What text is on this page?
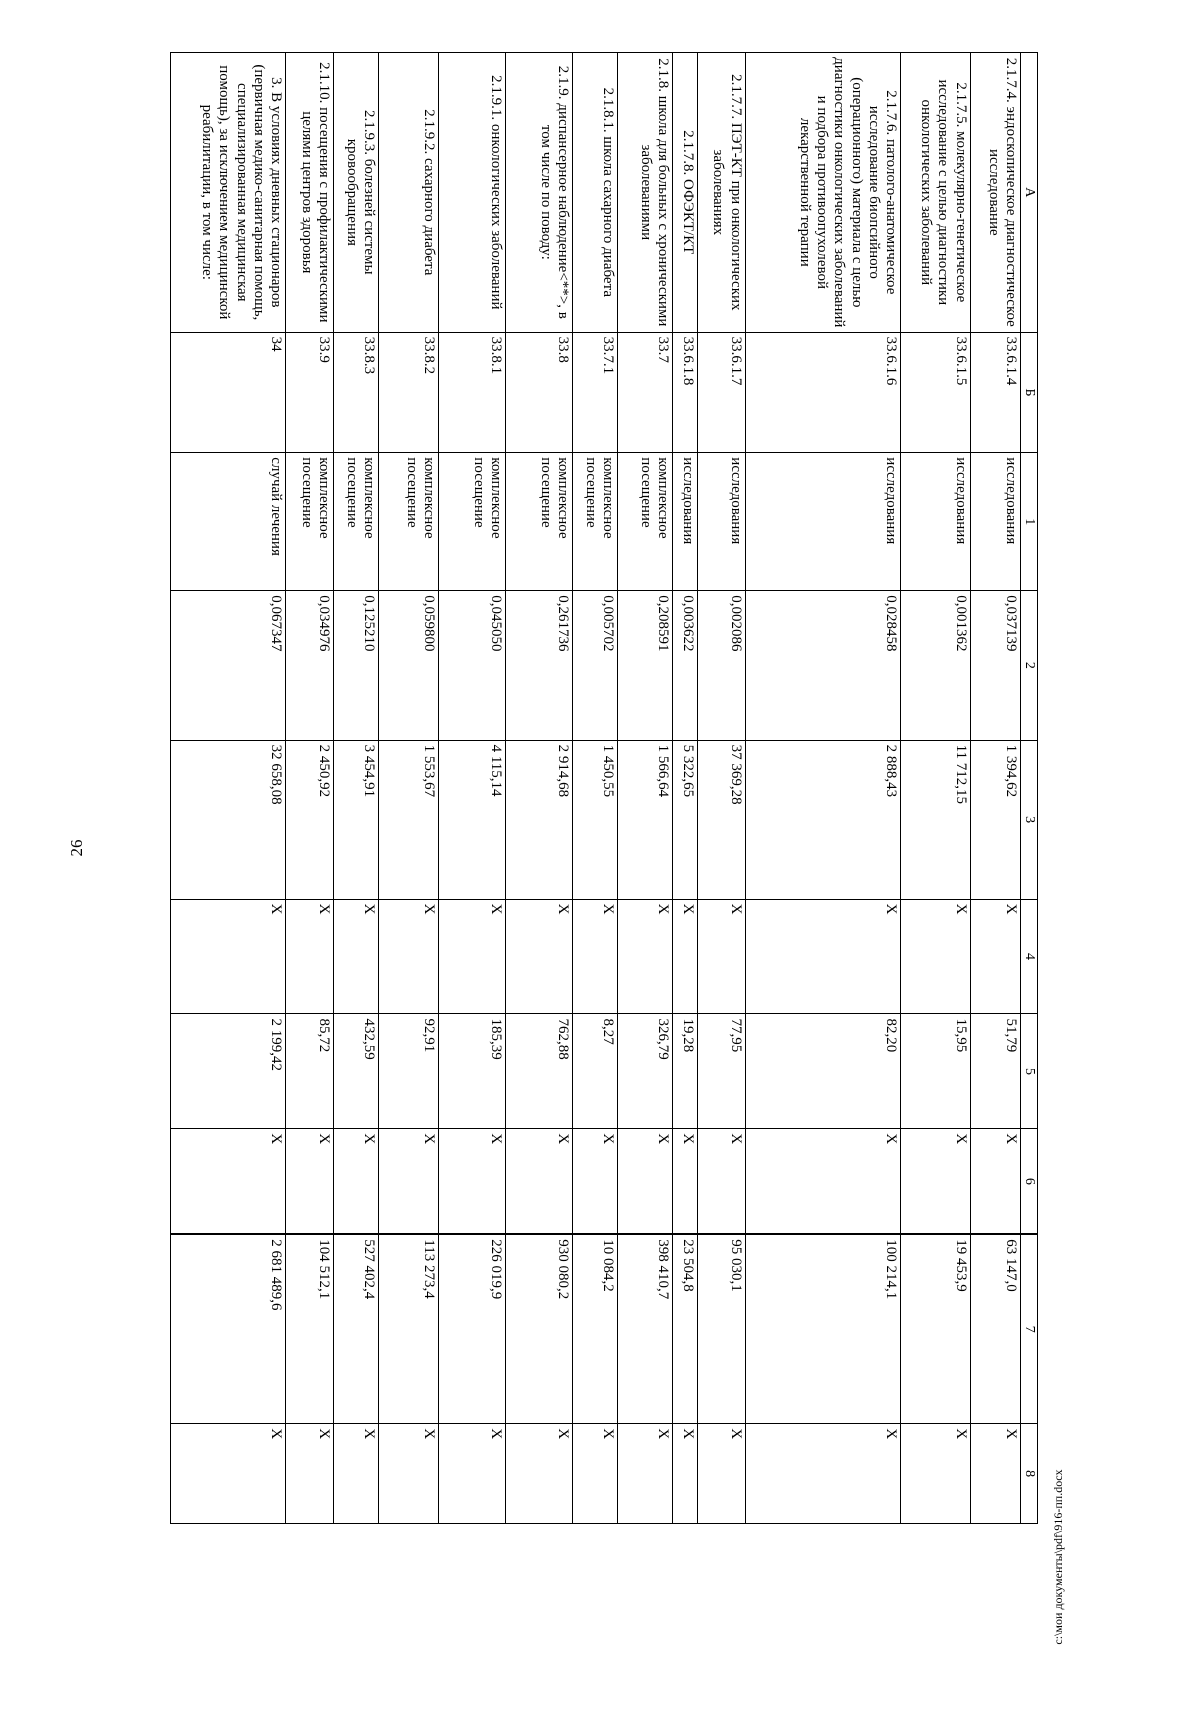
26
А	Б	1	2	3	4	5	6	7	8
2.1.7.4. эндоскопическое диагностическое исследование	33.6.1.4	исследования	0,037139	1 394,62	Х	51,79	Х	63 147,0	Х
2.1.7.5. молекулярно-генетическое исследование с целью диагностики онкологических заболеваний	33.6.1.5	исследования	0,001362	11 712,15	Х	15,95	Х	19 453,9	Х
2.1.7.6. патолого-анатомическое исследование биопсийного (операционного) материала с целью диагностики онкологических заболеваний и подбора противоопухолевой лекарственной терапии	33.6.1.6	исследования	0,028458	2 888,43	Х	82,20	Х	100 214,1	Х
2.1.7.7. ПЭТ-КТ при онкологических заболеваниях	33.6.1.7	исследования	0,002086	37 369,28	Х	77,95	Х	95 030,1	Х
2.1.7.8. ОФЭКТ/КТ	33.6.1.8	исследования	0,003622	5 322,65	Х	19,28	Х	23 504,8	Х
2.1.8. школа для больных с хроническими заболеваниями	33.7	комплексное посещение	0,208591	1 566,64	Х	326,79	Х	398 410,7	Х
2.1.8.1. школа сахарного диабета	33.7.1	комплексное посещение	0,005702	1 450,55	Х	8,27	Х	10 084,2	Х
2.1.9. диспансерное наблюдение<**>, в том числе по поводу:	33.8	комплексное посещение	0,261736	2 914,68	Х	762,88	Х	930 080,2	Х
2.1.9.1. онкологических заболеваний	33.8.1	комплексное посещение	0,045050	4 115,14	Х	185,39	Х	226 019,9	Х
2.1.9.2. сахарного диабета	33.8.2	комплексное посещение	0,059800	1 553,67	Х	92,91	Х	113 273,4	Х
2.1.9.3. болезней системы кровообращения	33.8.3	комплексное посещение	0,125210	3 454,91	Х	432,59	Х	527 402,4	Х
2.1.10. посещения с профилактическими целями центров здоровья	33.9	комплексное посещение	0,034976	2 450,92	Х	85,72	Х	104 512,1	Х
3. В условиях дневных стационаров (первичная медико-санитарная помощь, специализированная медицинская помощь), за исключением медицинской реабилитации, в том числе:	34	случай лечения	0,067347	32 658,08	Х	2 199,42	Х	2 681 489,6	Х
c:\мои документы\pdf\916-пп.docx
